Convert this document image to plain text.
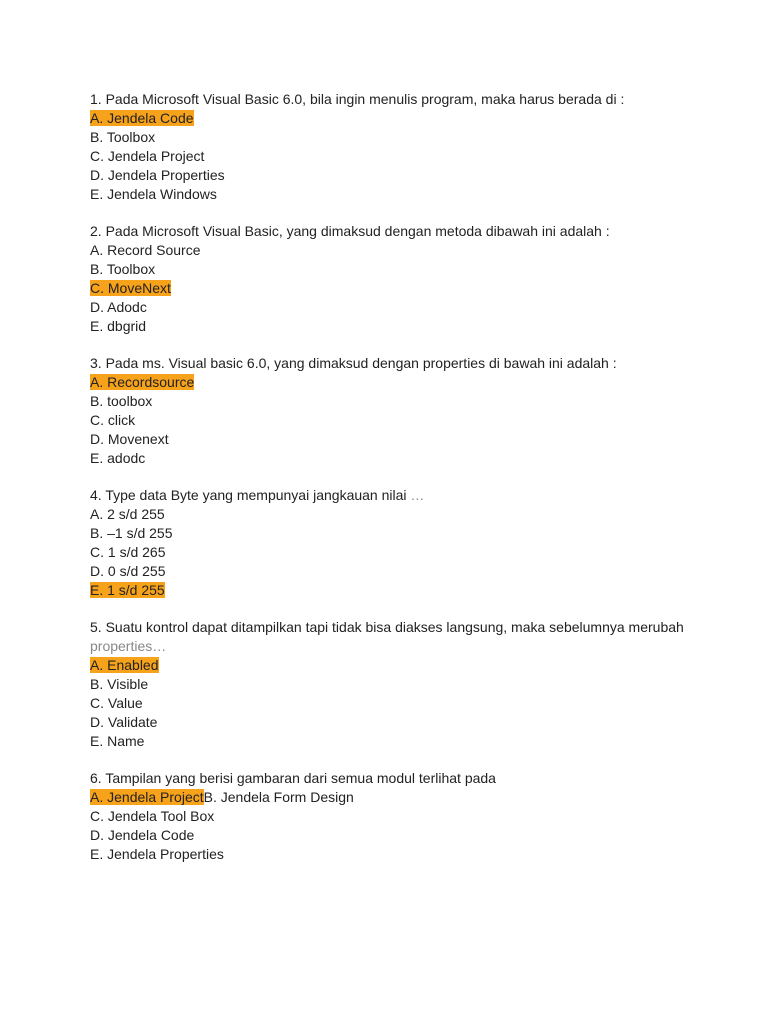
1. Pada Microsoft Visual Basic 6.0, bila ingin menulis program, maka harus berada di :
A. Jendela Code
B. Toolbox
C. Jendela Project
D. Jendela Properties
E. Jendela Windows
2. Pada Microsoft Visual Basic, yang dimaksud dengan metoda dibawah ini adalah :
A. Record Source
B. Toolbox
C. MoveNext
D. Adodc
E. dbgrid
3. Pada ms. Visual basic 6.0, yang dimaksud dengan properties di bawah ini adalah :
A. Recordsource
B. toolbox
C. click
D. Movenext
E. adodc
4. Type data Byte yang mempunyai jangkauan nilai …
A. 2 s/d 255
B. –1 s/d 255
C. 1 s/d 265
D. 0 s/d 255
E. 1 s/d 255
5. Suatu kontrol dapat ditampilkan tapi tidak bisa diakses langsung, maka sebelumnya merubah
properties…
A. Enabled
B. Visible
C. Value
D. Validate
E. Name
6. Tampilan yang berisi gambaran dari semua modul terlihat pada
A. Jendela ProjectB. Jendela Form Design
C. Jendela Tool Box
D. Jendela Code
E. Jendela Properties
